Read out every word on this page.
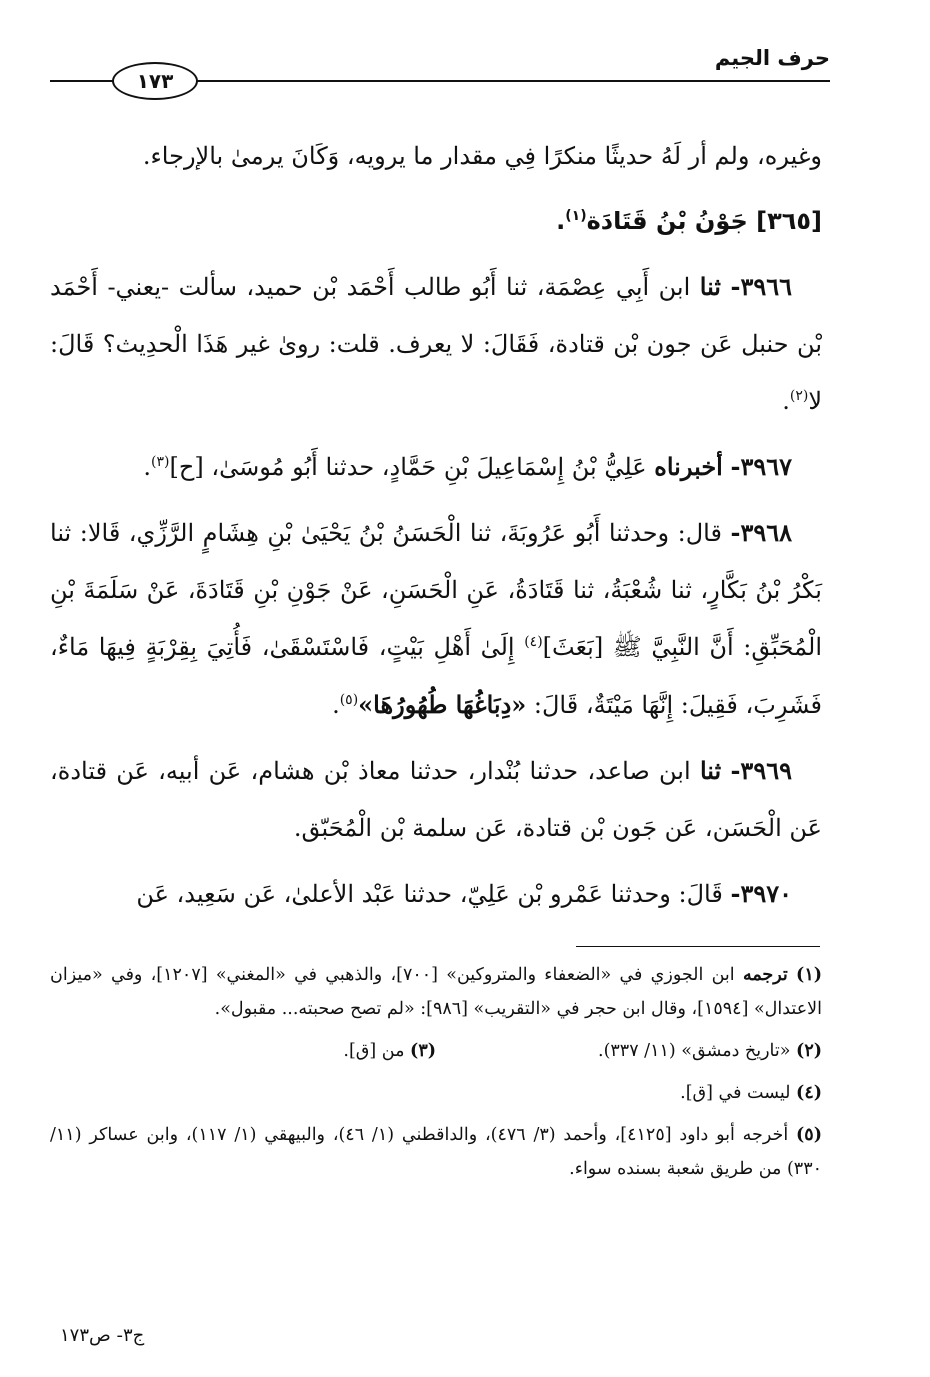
حرف الجيم
١٧٣

وغيره، ولم أر لَهُ حديثًا منكرًا فِي مقدار ما يرويه، وَكَانَ يرمىٰ بالإرجاء.

[٣٦٥] جَوْنُ بْنُ قَتَادَة$^{(١)}$.

٣٩٦٦- ثنا ابن أَبِي عِصْمَة، ثنا أَبُو طالب أَحْمَد بْن حميد، سألت -يعني- أَحْمَد بْن حنبل عَن جون بْن قتادة، فَقَالَ: لا يعرف. قلت: روىٰ غير هَذَا الْحدِيث؟ قَالَ: لا$^{(٢)}$.

٣٩٦٧- أخبرناه عَلِيُّ بْنُ إِسْمَاعِيلَ بْنِ حَمَّادٍ، حدثنا أَبُو مُوسَىٰ، [ح]$^{(٣)}$.

٣٩٦٨- قال: وحدثنا أَبُو عَرُوبَةَ، ثنا الْحَسَنُ بْنُ يَحْيَىٰ بْنِ هِشَامٍ الرَّزِّي، قَالا: ثنا بَكْرُ بْنُ بَكَّارٍ، ثنا شُعْبَةُ، ثنا قَتَادَةُ، عَنِ الْحَسَنِ، عَنْ جَوْنِ بْنِ قَتَادَةَ، عَنْ سَلَمَةَ بْنِ الْمُحَبِّقِ: أَنَّ النَّبِيَّ ﷺ [بَعَثَ]$^{(٤)}$ إِلَىٰ أَهْلِ بَيْتٍ، فَاسْتَسْقَىٰ، فَأُتِيَ بِقِرْبَةٍ فِيهَا مَاءٌ، فَشَرِبَ، فَقِيلَ: إِنَّهَا مَيْتَةٌ، قَالَ: «دِبَاغُهَا طُهُورُهَا»$^{(٥)}$.

٣٩٦٩- ثنا ابن صاعد، حدثنا بُنْدار، حدثنا معاذ بْن هشام، عَن أبيه، عَن قتادة، عَن الْحَسَن، عَن جَون بْن قتادة، عَن سلمة بْن الْمُحَبّق.

٣٩٧٠- قَالَ: وحدثنا عَمْرو بْن عَلِيّ، حدثنا عَبْد الأعلىٰ، عَن سَعِيد، عَن

(١) ترجمه ابن الجوزي في «الضعفاء والمتروكين» [٧٠٠]، والذهبي في «المغني» [١٢٠٧]، وفي «ميزان الاعتدال» [١٥٩٤]، وقال ابن حجر في «التقريب» [٩٨٦]: «لم تصح صحبته... مقبول».

(٢) «تاريخ دمشق» (١١/ ٣٣٧).

(٣) من [ق].

(٤) ليست في [ق].

(٥) أخرجه أبو داود [٤١٢٥]، وأحمد (٣/ ٤٧٦)، والداقطني (١/ ٤٦)، والبيهقي (١/ ١١٧)، وابن عساكر (١١/ ٣٣٠) من طريق شعبة بسنده سواء.

ج٣- ص١٧٣
